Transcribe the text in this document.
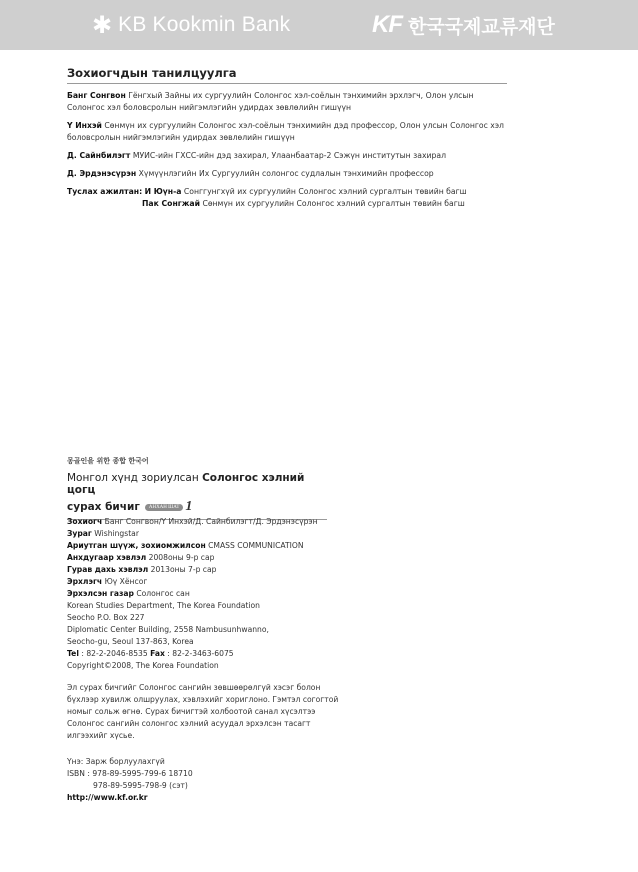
✱ KB Kookmin Bank	KF 한국국제교류재단
Зохиогчдын танилцуулга
Банг Сонгвон Гёнгхый Зайны их сургуулийн Солонгос хэл-соёлын тэнхимийн эрхлэгч, Олон улсын Солонгос хэл боловсролын нийгэмлэгийн удирдах зөвлөлийн гишүүн
Ү Инхэй Сөнмүн их сургуулийн Солонгос хэл-соёлын тэнхимийн дэд профессор, Олон улсын Солонгос хэл боловсролын нийгэмлэгийн удирдах зөвлөлийн гишүүн
Д. Сайнбилэгт МУИС-ийн ГХСС-ийн дэд захирал, Улаанбаатар-2 Сэжүн институтын захирал
Д. Эрдэнэсүрэн Хүмүүнлэгийн Их Сургуулийн солонгос судлалын тэнхимийн профессор
Туслах ажилтан: И Юүн-а Сонггунгхүй их сургуулийн Солонгос хэлний сургалтын төвийн багш
Пак Сонгжай Сөнмүн их сургуулийн Солонгос хэлний сургалтын төвийн багш
몽골인을 위한 종합 한국어
Монгол хүнд зориулсан Солонгос хэлний цогц
сурах бичиг	АНХАН ШАТ 1
Зохиогч Банг Сонгвон/Ү Инхэй/Д. Сайнбилэгт/Д. Эрдэнэсүрэн
Зураг Wishingstar
Ариутган шүүж, зохиомжилсон CMASS COMMUNICATION
Анхдугаар хэвлэл 2008оны 9-р сар
Гурав дахь хэвлэл 2013оны 7-р сар
Эрхлэгч Юү Хёнсог
Эрхэлсэн газар Солонгос сан
Korean Studies Department, The Korea Foundation
Seocho P.O. Box 227
Diplomatic Center Building, 2558 Nambusunhwanno,
Seocho-gu, Seoul 137-863, Korea
Tel : 82-2-2046-8535 Fax : 82-2-3463-6075
Copyright©2008, The Korea Foundation
Эл сурах бичгийг Солонгос сангийн зөвшөөрөлгүй хэсэг болон бүхлээр хувилж олшруулах, хэвлэхийг хориглоно. Гэмтэл согогтой номыг сольж өгнө. Сурах бичигтэй холбоотой санал хүсэлтээ Солонгос сангийн солонгос хэлний асуудал эрхэлсэн тасагт илгээхийг хүсье.
Үнэ: Зарж борлуулахгүй
ISBN : 978-89-5995-799-6 18710
978-89-5995-798-9 (сэт)
http://www.kf.or.kr
